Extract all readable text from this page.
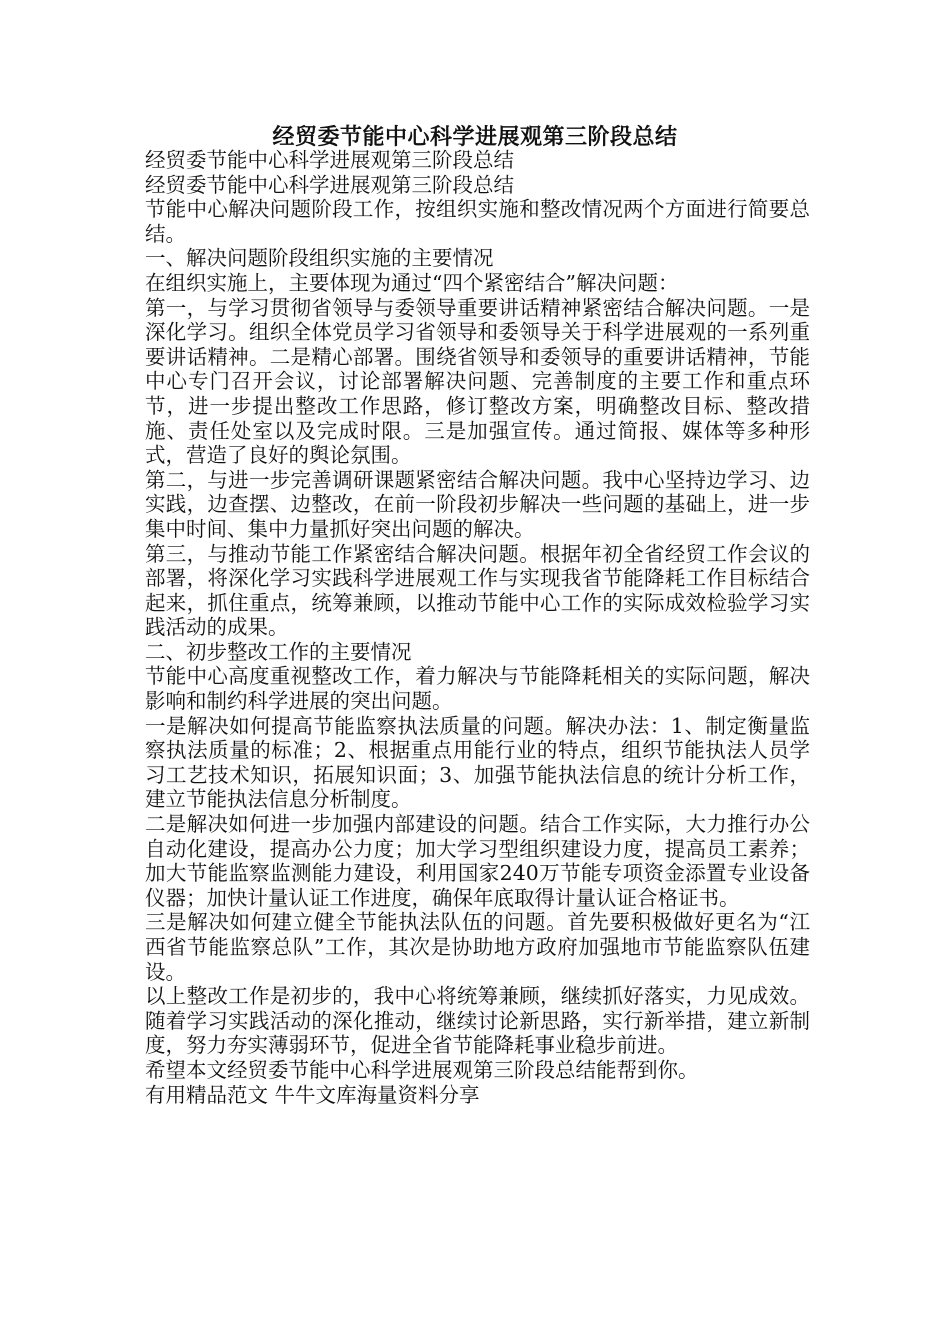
经贸委节能中心科学进展观第三阶段总结

经贸委节能中心科学进展观第三阶段总结

经贸委节能中心科学进展观第三阶段总结

节能中心解决问题阶段工作，按组织实施和整改情况两个方面进行简要总结。

一、解决问题阶段组织实施的主要情况

在组织实施上，主要体现为通过“四个紧密结合”解决问题：

第一，与学习贯彻省领导与委领导重要讲话精神紧密结合解决问题。一是深化学习。组织全体党员学习省领导和委领导关于科学进展观的一系列重要讲话精神。二是精心部署。围绕省领导和委领导的重要讲话精神，节能中心专门召开会议，讨论部署解决问题、完善制度的主要工作和重点环节，进一步提出整改工作思路，修订整改方案，明确整改目标、整改措施、责任处室以及完成时限。三是加强宣传。通过简报、媒体等多种形式，营造了良好的舆论氛围。

第二，与进一步完善调研课题紧密结合解决问题。我中心坚持边学习、边实践，边查摆、边整改，在前一阶段初步解决一些问题的基础上，进一步集中时间、集中力量抓好突出问题的解决。

第三，与推动节能工作紧密结合解决问题。根据年初全省经贸工作会议的部署，将深化学习实践科学进展观工作与实现我省节能降耗工作目标结合起来，抓住重点，统筹兼顾，以推动节能中心工作的实际成效检验学习实践活动的成果。

二、初步整改工作的主要情况

节能中心高度重视整改工作，着力解决与节能降耗相关的实际问题，解决影响和制约科学进展的突出问题。

一是解决如何提高节能监察执法质量的问题。解决办法：1、制定衡量监察执法质量的标准；2、根据重点用能行业的特点，组织节能执法人员学习工艺技术知识，拓展知识面；3、加强节能执法信息的统计分析工作，建立节能执法信息分析制度。

二是解决如何进一步加强内部建设的问题。结合工作实际，大力推行办公自动化建设，提高办公力度；加大学习型组织建设力度，提高员工素养；加大节能监察监测能力建设，利用国家240万节能专项资金添置专业设备仪器；加快计量认证工作进度，确保年底取得计量认证合格证书。

三是解决如何建立健全节能执法队伍的问题。首先要积极做好更名为“江西省节能监察总队”工作，其次是协助地方政府加强地市节能监察队伍建设。

以上整改工作是初步的，我中心将统筹兼顾，继续抓好落实，力见成效。随着学习实践活动的深化推动，继续讨论新思路，实行新举措，建立新制度，努力夯实薄弱环节，促进全省节能降耗事业稳步前进。

希望本文经贸委节能中心科学进展观第三阶段总结能帮到你。

有用精品范文 牛牛文库海量资料分享
